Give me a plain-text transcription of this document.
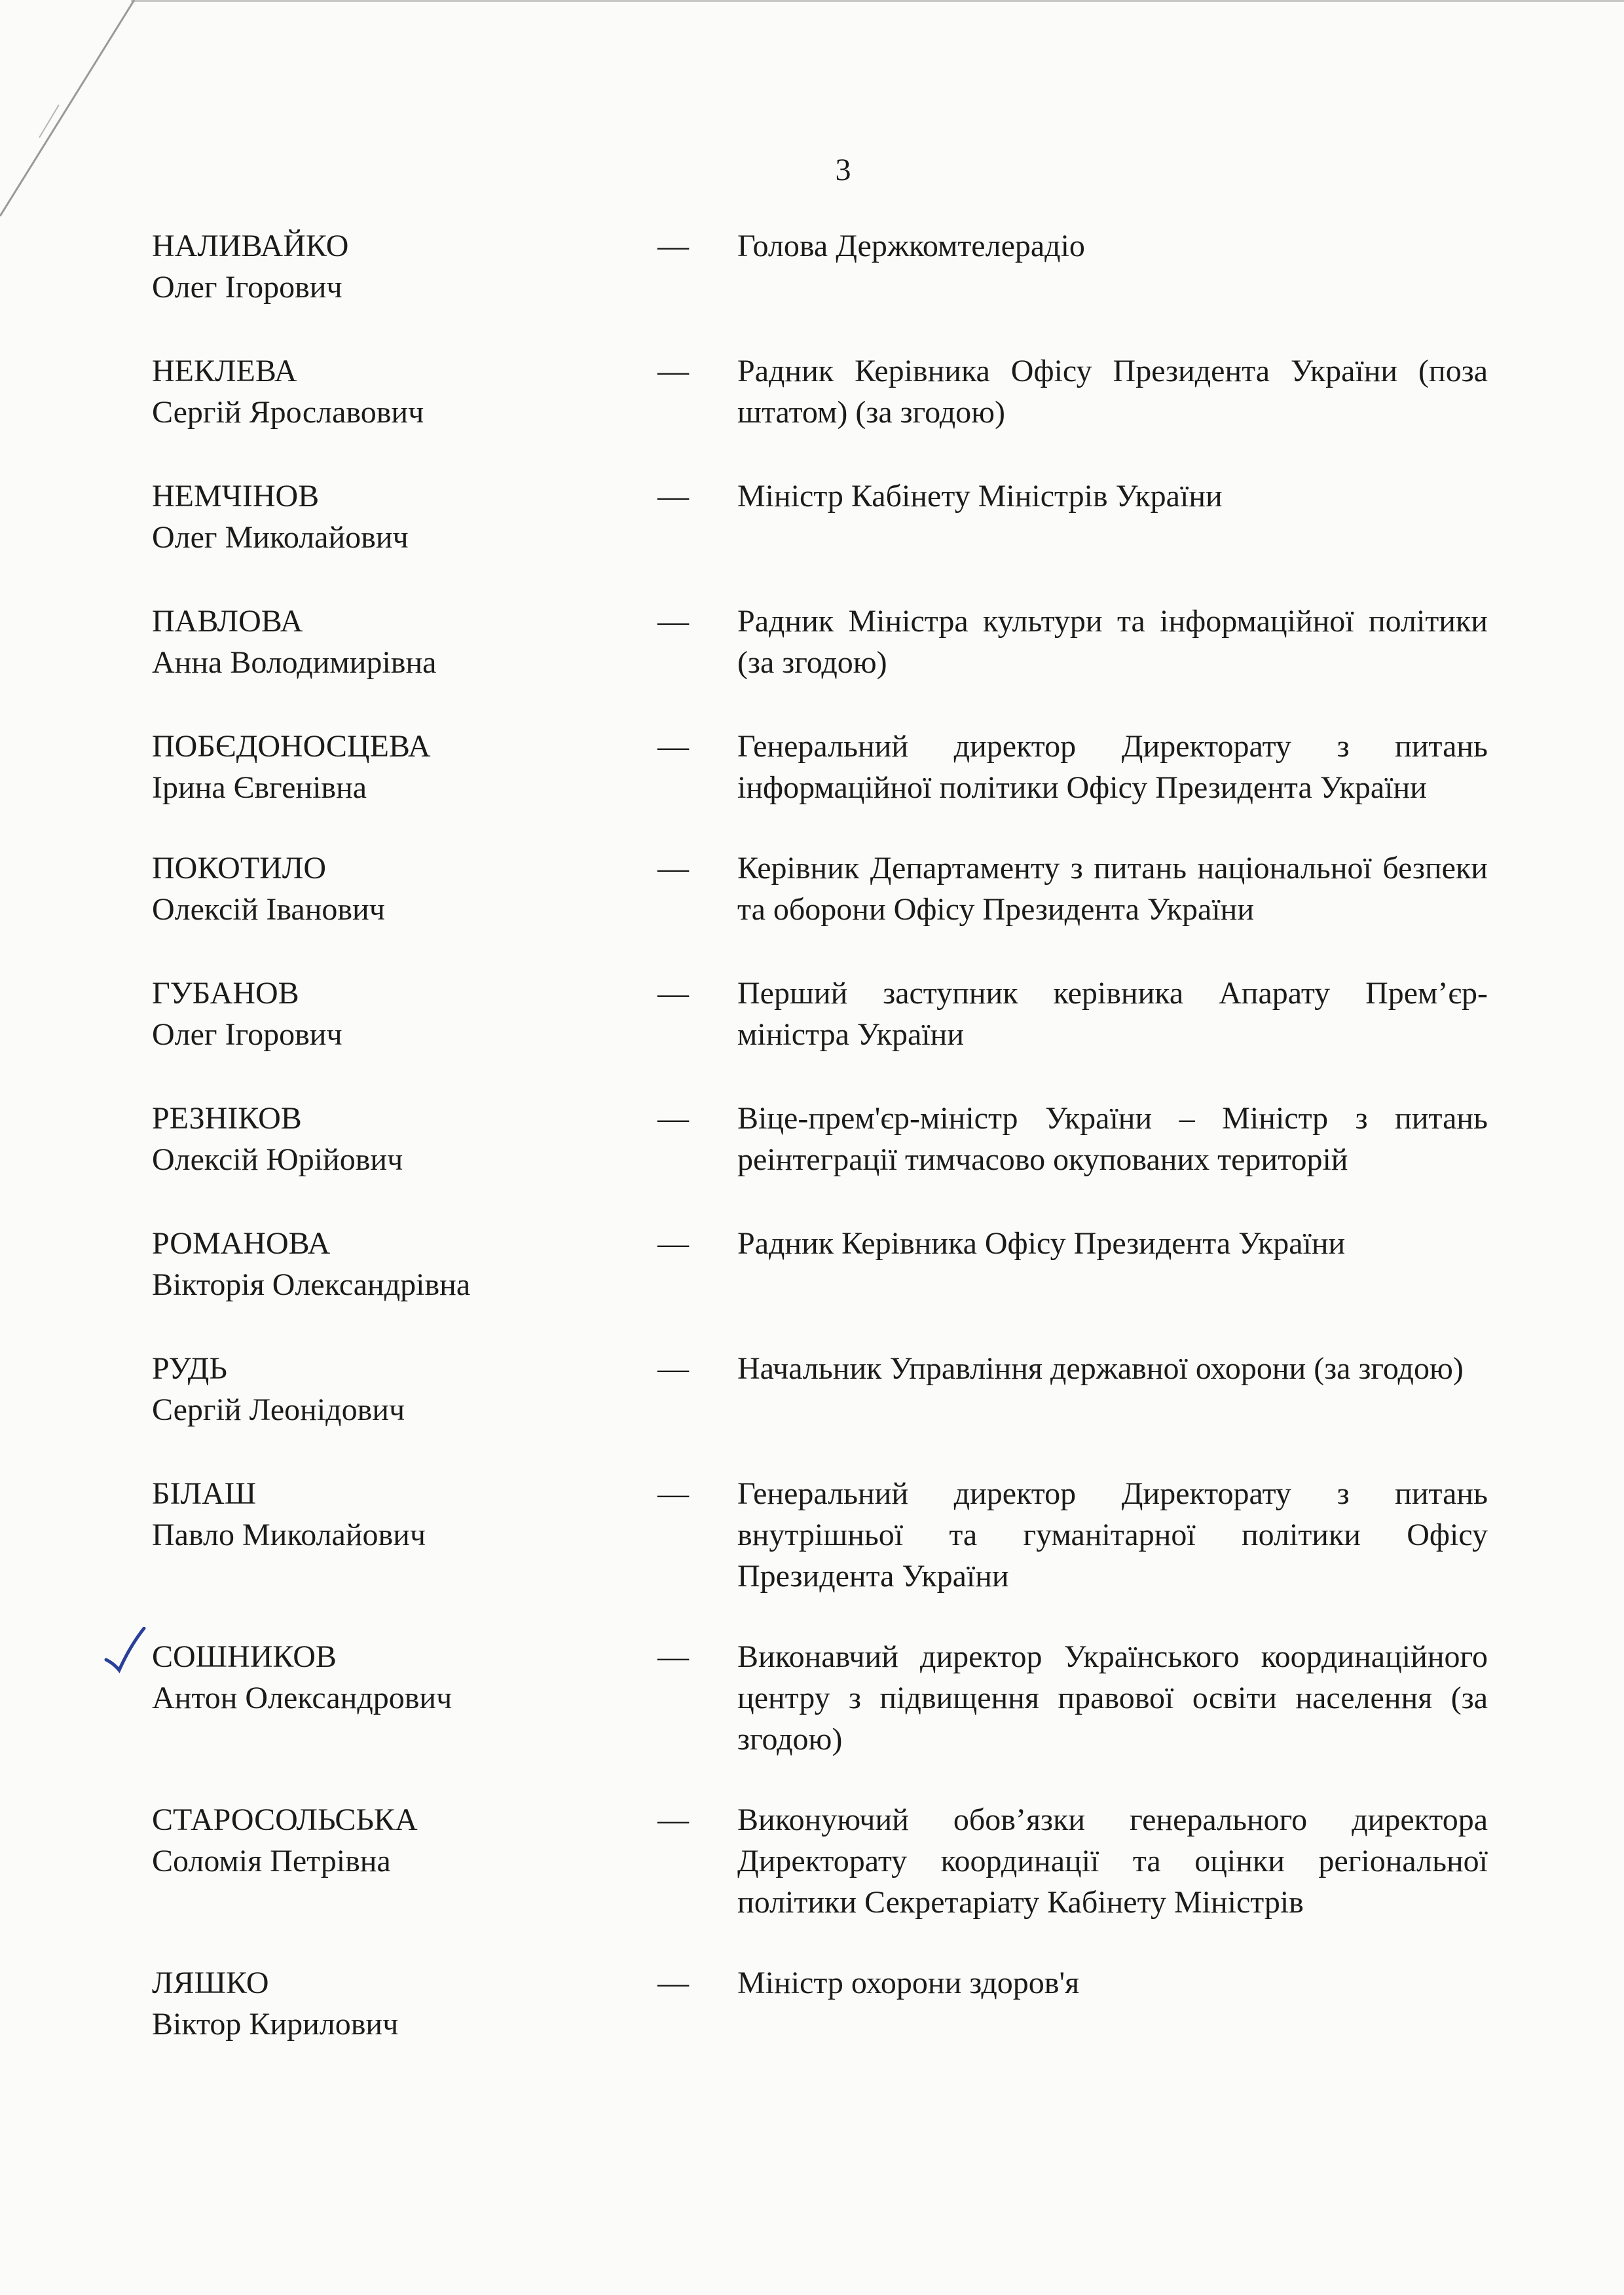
3
НАЛИВАЙКО
Олег Ігорович
—	Голова Держкомтелерадіо
НЕКЛЕВА
Сергій Ярославович
—	Радник Керівника Офісу Президента України (поза штатом) (за згодою)
НЕМЧІНОВ
Олег Миколайович
—	Міністр Кабінету Міністрів України
ПАВЛОВА
Анна Володимирівна
—	Радник Міністра культури та інформаційної політики (за згодою)
ПОБЄДОНОСЦЕВА
Ірина Євгенівна
—	Генеральний директор Директорату з питань інформаційної політики Офісу Президента України
ПОКОТИЛО
Олексій Іванович
—	Керівник Департаменту з питань національної безпеки та оборони Офісу Президента України
ГУБАНОВ
Олег Ігорович
—	Перший заступник керівника Апарату Прем’єр-міністра України
РЕЗНІКОВ
Олексій Юрійович
—	Віце-прем'єр-міністр України – Міністр з питань реінтеграції тимчасово окупованих територій
РОМАНОВА
Вікторія Олександрівна
—	Радник Керівника Офісу Президента України
РУДЬ
Сергій Леонідович
—	Начальник Управління державної охорони (за згодою)
БІЛАШ
Павло Миколайович
—	Генеральний директор Директорату з питань внутрішньої та гуманітарної політики Офісу Президента України
СОШНИКОВ
Антон Олександрович
—	Виконавчий директор Українського координаційного центру з підвищення правової освіти населення (за згодою)
СТАРОСОЛЬСЬКА
Соломія Петрівна
—	Виконуючий обов’язки генерального директора Директорату координації та оцінки регіональної політики Секретаріату Кабінету Міністрів
ЛЯШКО
Віктор Кирилович
—	Міністр охорони здоров'я
